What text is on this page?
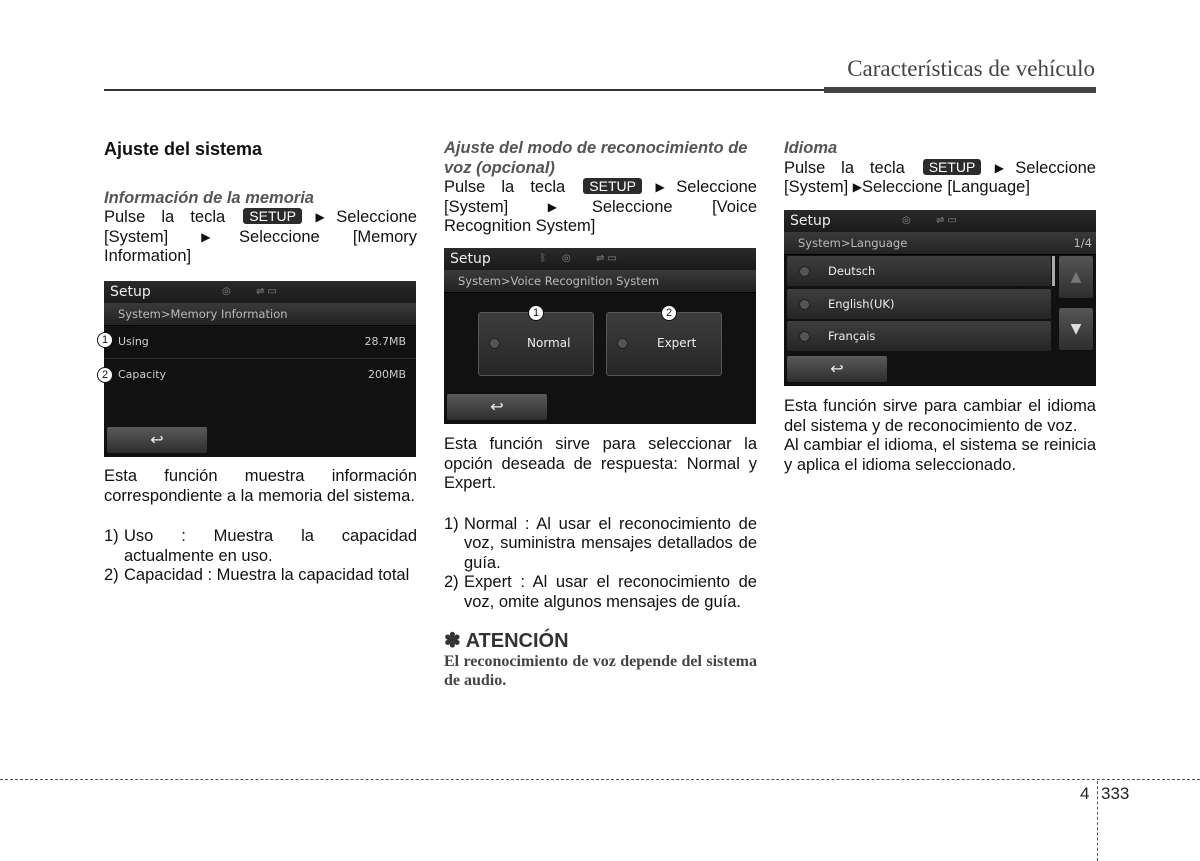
Características de vehículo

Ajuste del sistema

Información de la memoria

Pulse la tecla SETUP ▶Seleccione

[System]	▶Seleccione [Memory

Information]

Setup	◎	⇌ ▭
System>Memory Information
Using	28.7MB
Capacity	200MB
↩
1
2

Esta función muestra información correspondiente a la memoria del sistema.

1) Uso : Muestra la capacidad actualmente en uso.
2) Capacidad : Muestra la capacidad total

Ajuste del modo de reconocimiento de voz (opcional)

Pulse la tecla SETUP ▶Seleccione

[System]	▶Seleccione [Voice

Recognition System]

Setup	ᛒ ◎	⇌ ▭
System>Voice Recognition System
Normal	Expert
↩
1	2

Esta función sirve para seleccionar la opción deseada de respuesta: Normal y Expert.

1) Normal : Al usar el reconocimiento de voz, suministra mensajes detallados de guía.
2) Expert : Al usar el reconocimiento de voz, omite algunos mensajes de guía.

✽ ATENCIÓN

El reconocimiento de voz depende del sistema de audio.

Idioma

Pulse la tecla SETUP ▶Seleccione

[System] ▶Seleccione [Language]

Setup	◎	⇌ ▭
System>Language	1/4
Deutsch
English(UK)
Français
▲
▼
↩

Esta función sirve para cambiar el idioma del sistema y de reconocimiento de voz.

Al cambiar el idioma, el sistema se reinicia y aplica el idioma seleccionado.

4 333
